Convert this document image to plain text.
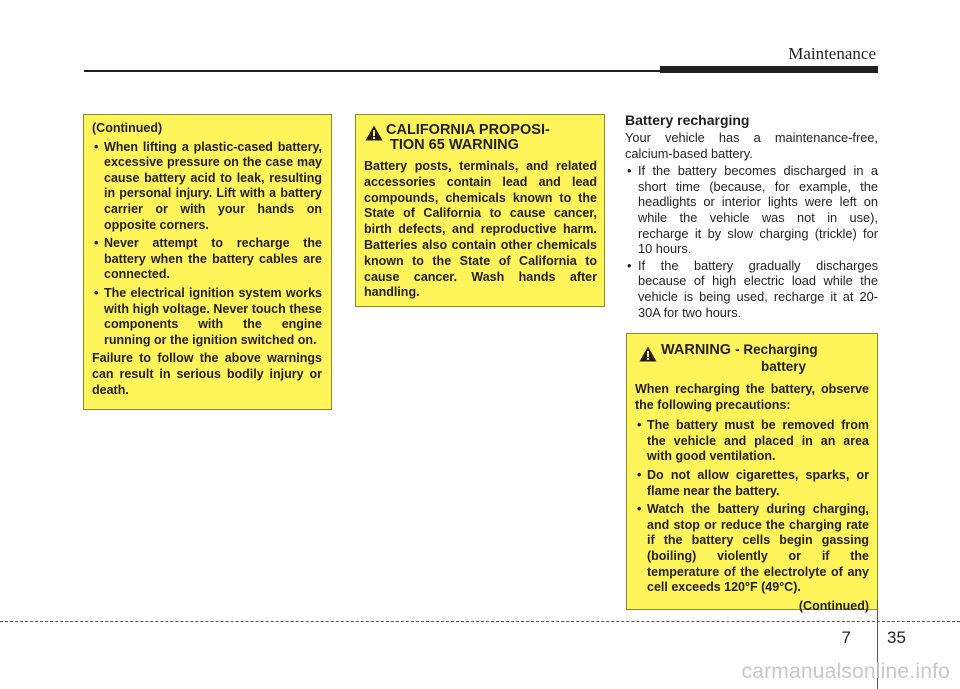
Maintenance

(Continued)

• When lifting a plastic-cased battery, excessive pressure on the case may cause battery acid to leak, resulting in personal injury. Lift with a battery carrier or with your hands on opposite corners.
• Never attempt to recharge the battery when the battery cables are connected.
• The electrical ignition system works with high voltage. Never touch these components with the engine running or the ignition switched on.

Failure to follow the above warnings can result in serious bodily injury or death.

CALIFORNIA PROPOSI-
TION 65 WARNING

Battery posts, terminals, and related accessories contain lead and lead compounds, chemicals known to the State of California to cause cancer, birth defects, and reproductive harm. Batteries also contain other chemicals known to the State of California to cause cancer. Wash hands after handling.

Battery recharging

Your vehicle has a maintenance-free, calcium-based battery.

• If the battery becomes discharged in a short time (because, for example, the headlights or interior lights were left on while the vehicle was not in use), recharge it by slow charging (trickle) for 10 hours.
• If the battery gradually discharges because of high electric load while the vehicle is being used, recharge it at 20-30A for two hours.
WARNING - Recharging
battery

When recharging the battery, observe the following precautions:

• The battery must be removed from the vehicle and placed in an area with good ventilation.
• Do not allow cigarettes, sparks, or flame near the battery.
• Watch the battery during charging, and stop or reduce the charging rate if the battery cells begin gassing (boiling) violently or if the temperature of the electrolyte of any cell exceeds 120°F (49°C).

(Continued)

7 35
carmanualsonline.info
